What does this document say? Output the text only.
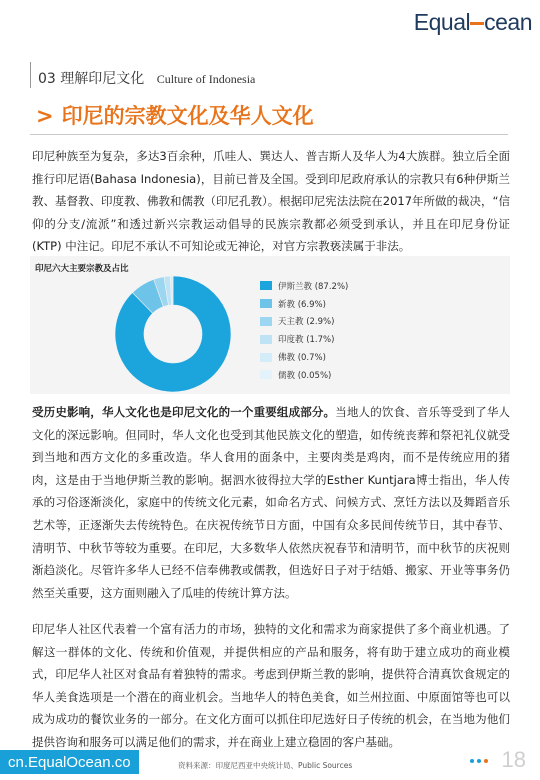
Equal cean
03 理解印尼文化 Culture of Indonesia
> 印尼的宗教文化及华人文化
印尼种族至为复杂，多达3百余种，爪哇人、巽达人、普吉斯人及华人为4大族群。独立后全面推行印尼语(Bahasa Indonesia)，目前已普及全国。受到印尼政府承认的宗教只有6种伊斯兰教、基督教、印度教、佛教和儒教（印尼孔教）。根据印尼宪法法院在2017年所做的裁决，“信仰的分支/流派”和透过新兴宗教运动倡导的民族宗教都必须受到承认，并且在印尼身份证 (KTP) 中注记。印尼不承认不可知论或无神论，对官方宗教亵渎属于非法。
印尼六大主要宗教及占比
伊斯兰教 (87.2%)
新教 (6.9%)
天主教 (2.9%)
印度教 (1.7%)
佛教 (0.7%)
儒教 (0.05%)
受历史影响，华人文化也是印尼文化的一个重要组成部分。当地人的饮食、音乐等受到了华人文化的深远影响。但同时，华人文化也受到其他民族文化的塑造，如传统丧葬和祭祀礼仪就受到当地和西方文化的多重改造。华人食用的面条中，主要肉类是鸡肉，而不是传统应用的猪肉，这是由于当地伊斯兰教的影响。据泗水彼得拉大学的Esther Kuntjara博士指出，华人传承的习俗逐渐淡化，家庭中的传统文化元素，如命名方式、问候方式、烹饪方法以及舞蹈音乐艺术等，正逐渐失去传统特色。在庆祝传统节日方面，中国有众多民间传统节日，其中春节、清明节、中秋节等较为重要。在印尼，大多数华人依然庆祝春节和清明节，而中秋节的庆祝则渐趋淡化。尽管许多华人已经不信奉佛教或儒教，但选好日子对于结婚、搬家、开业等事务仍然至关重要，这方面则融入了瓜哇的传统计算方法。
印尼华人社区代表着一个富有活力的市场，独特的文化和需求为商家提供了多个商业机遇。了解这一群体的文化、传统和价值观，并提供相应的产品和服务，将有助于建立成功的商业模式，印尼华人社区对食品有着独特的需求。考虑到伊斯兰教的影响，提供符合清真饮食规定的华人美食选项是一个潜在的商业机会。当地华人的特色美食，如兰州拉面、中原面馆等也可以成为成功的餐饮业务的一部分。在文化方面可以抓住印尼选好日子传统的机会，在当地为他们提供咨询和服务可以满足他们的需求，并在商业上建立稳固的客户基础。
cn.EqualOcean.co	资料来源：印度尼西亚中央统计局、Public Sources	18
